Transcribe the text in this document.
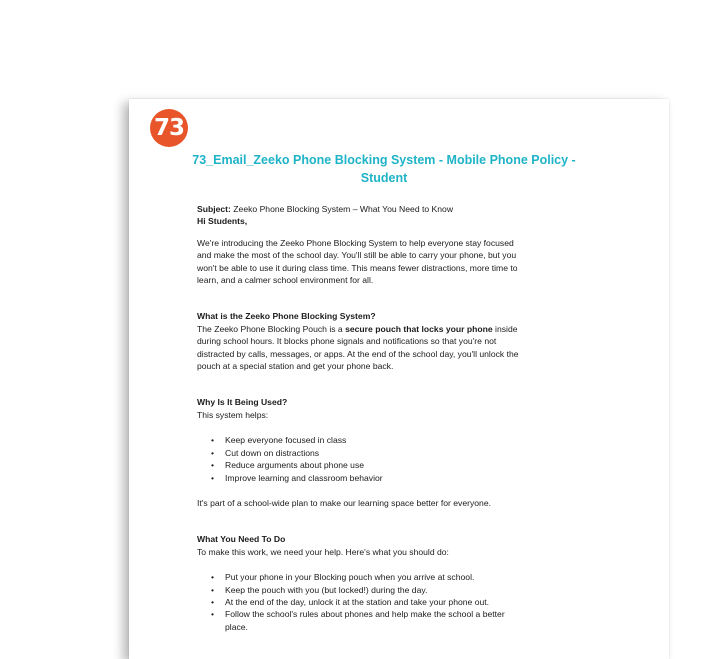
73
73_Email_Zeeko Phone Blocking System - Mobile Phone Policy - Student

Subject: Zeeko Phone Blocking System – What You Need to Know

Hi Students,

We're introducing the Zeeko Phone Blocking System to help everyone stay focused and make the most of the school day. You'll still be able to carry your phone, but you won't be able to use it during class time. This means fewer distractions, more time to learn, and a calmer school environment for all.

What is the Zeeko Phone Blocking System?

The Zeeko Phone Blocking Pouch is a secure pouch that locks your phone inside during school hours. It blocks phone signals and notifications so that you're not distracted by calls, messages, or apps. At the end of the school day, you'll unlock the pouch at a special station and get your phone back.

Why Is It Being Used?

This system helps:

• Keep everyone focused in class
• Cut down on distractions
• Reduce arguments about phone use
• Improve learning and classroom behavior

It's part of a school-wide plan to make our learning space better for everyone.

What You Need To Do

To make this work, we need your help. Here's what you should do:

• Put your phone in your Blocking pouch when you arrive at school.
• Keep the pouch with you (but locked!) during the day.
• At the end of the day, unlock it at the station and take your phone out.
• Follow the school's rules about phones and help make the school a better place.
